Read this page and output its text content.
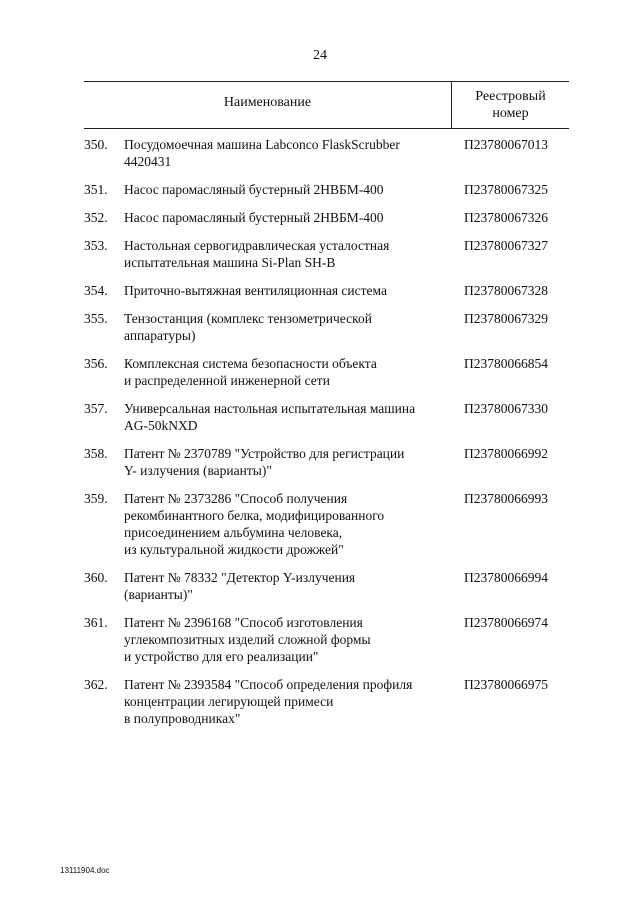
24
Наименование	Реестровый
номер
350.	Посудомоечная машина Labconco FlaskScrubber
4420431
П23780067013
351.	Насос паромасляный бустерный 2НВБМ-400	П23780067325
352.	Насос паромасляный бустерный 2НВБМ-400	П23780067326
353.	Настольная сервогидравлическая усталостная
испытательная машина Si-Plan SH-B
П23780067327
354.	Приточно-вытяжная вентиляционная система	П23780067328
355.	Тензостанция (комплекс тензометрической
аппаратуры)
П23780067329
356.	Комплексная система безопасности объекта
и распределенной инженерной сети
П23780066854
357.	Универсальная настольная испытательная машина
AG-50kNXD
П23780067330
358.	Патент № 2370789 "Устройство для регистрации
Y- излучения (варианты)"
П23780066992
359.	Патент № 2373286 "Способ получения
рекомбинантного белка, модифицированного
присоединением альбумина человека,
из культуральной жидкости дрожжей"
П23780066993
360.	Патент № 78332 "Детектор Y-излучения
(варианты)"
П23780066994
361.	Патент № 2396168 "Способ изготовления
углекомпозитных изделий сложной формы
и устройство для его реализации"
П23780066974
362.	Патент № 2393584 "Способ определения профиля
концентрации легирующей примеси
в полупроводниках"
П23780066975
13111904.doc
